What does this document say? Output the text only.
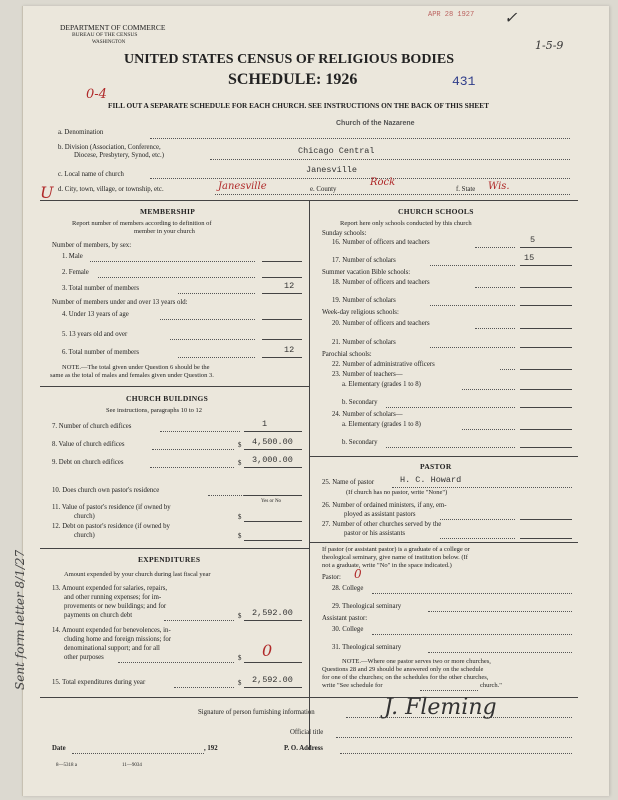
✓
APR 28 1927
1-5-9
0-4
U
Sent form letter 8/1/27
DEPARTMENT OF COMMERCE
BUREAU OF THE CENSUS
WASHINGTON
UNITED STATES CENSUS OF RELIGIOUS BODIES
SCHEDULE: 1926	431
FILL OUT A SEPARATE SCHEDULE FOR EACH CHURCH. SEE INSTRUCTIONS ON THE BACK OF THIS SHEET
a. Denomination
Church of the Nazarene
b. Division (Association, Conference,
Diocese, Presbytery, Synod, etc.)	Chicago Central
c. Local name of church	Janesville
d. City, town, village, or township, etc.	Janesville	e. County
Rock
f. State Wis.
MEMBERSHIP
Report number of members according to definition of
member in your church
Number of members, by sex:
1. Male
2. Female
3. Total number of members	12
Number of members under and over 13 years old:
4. Under 13 years of age
5. 13 years old and over
6. Total number of members	12
NOTE.—The total given under Question 6 should be the
same as the total of males and females given under Question 3.
CHURCH BUILDINGS
See instructions, paragraphs 10 to 12
7. Number of church edifices	1
8. Value of church edifices	$ 4,500.00
9. Debt on church edifices	$ 3,000.00
10. Does church own pastor's residence
Yes or No
11. Value of pastor's residence (if owned by
church)	$
12. Debt on pastor's residence (if owned by
church)	$
EXPENDITURES
Amount expended by your church during last fiscal year
13. Amount expended for salaries, repairs,
and other running expenses; for im-
provements or new buildings; and for
payments on church debt	$ 2,592.00
14. Amount expended for benevolences, in-
cluding home and foreign missions; for
denominational support; and for all
other purposes	0
$
15. Total expenditures during year	$ 2,592.00
CHURCH SCHOOLS
Report here only schools conducted by this church
Sunday schools:
16. Number of officers and teachers	5
17. Number of scholars	15
Summer vacation Bible schools:
18. Number of officers and teachers
19. Number of scholars
Week-day religious schools:
20. Number of officers and teachers
21. Number of scholars
Parochial schools:
22. Number of administrative officers
23. Number of teachers—
a. Elementary (grades 1 to 8)
b. Secondary
24. Number of scholars—
a. Elementary (grades 1 to 8)
b. Secondary
PASTOR
25. Name of pastor	H. C. Howard
(If church has no pastor, write "None")
26. Number of ordained ministers, if any, em-
ployed as assistant pastors
27. Number of other churches served by the
pastor or his assistants
If pastor (or assistant pastor) is a graduate of a college or
theological seminary, give name of institution below. (If
not a graduate, write "No" in the space indicated.)
Pastor: 0
28. College
29. Theological seminary
Assistant pastor:
30. College
31. Theological seminary
NOTE.—Where one pastor serves two or more churches,
Questions 28 and 29 should be answered only on the schedule
for one of the churches; on the schedules for the other churches,
write "See schedule for	church."
Signature of person furnishing information	J. Fleming
Official title
Date	, 192	P. O. Address
8—5318 a	11—9034
